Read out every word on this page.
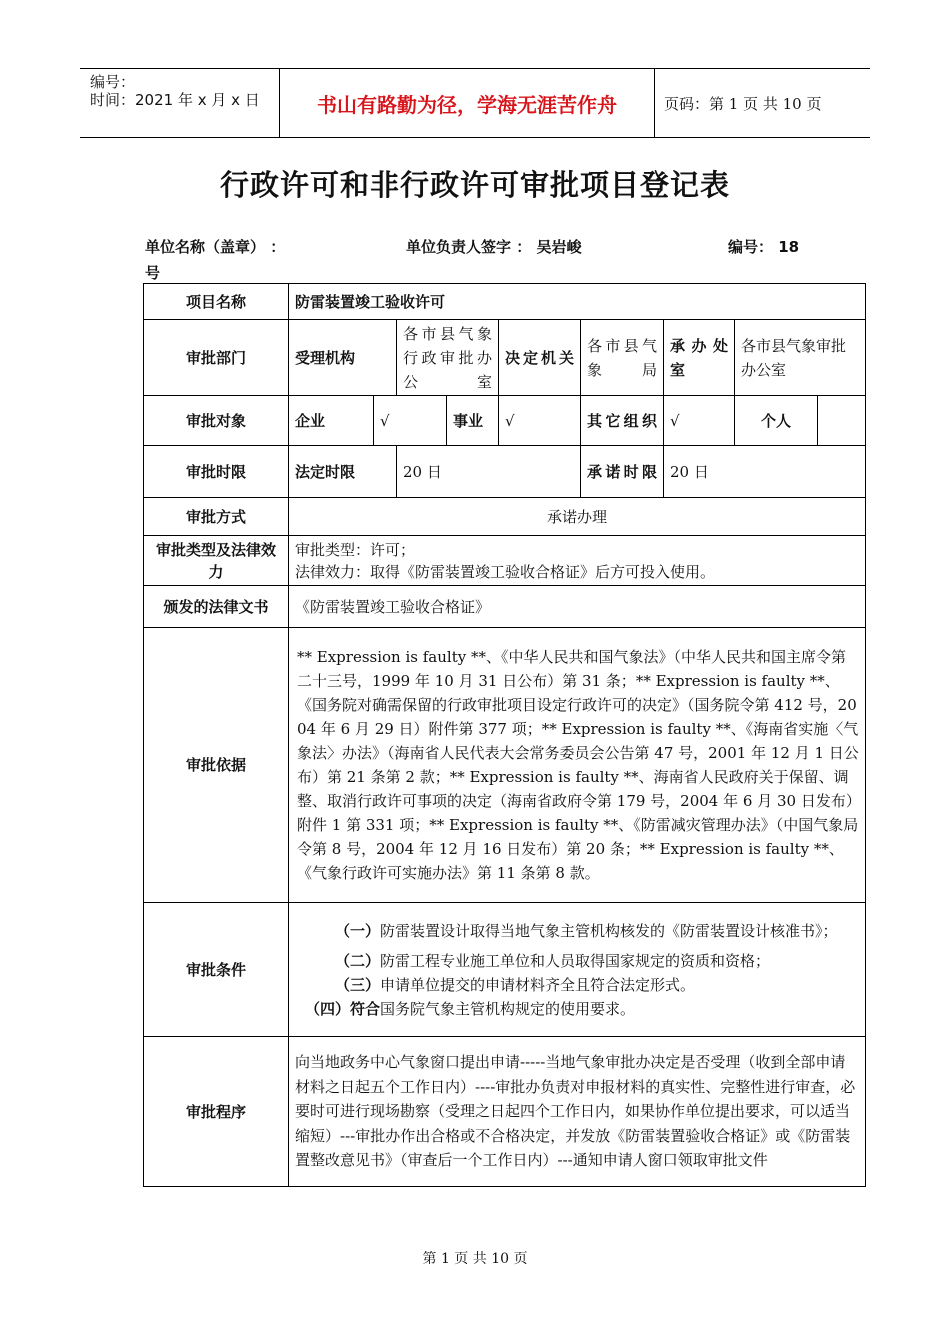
编号：
时间：2021 年 x 月 x 日	书山有路勤为径，学海无涯苦作舟	页码：第 1 页 共 10 页
行政许可和非行政许可审批项目登记表
单位名称（盖章） ：	单位负责人签字 ： 吴岩峻	编号： 18
号
项目名称	防雷装置竣工验收许可								
审批部门	受理机构		各市县气象行政审批办公室		决定机关	各市县气象局	承办处室	各市县气象审批办公室	
审批对象	企业	√		事业	√	其它组织	√	个人	
审批时限	法定时限		20 日			承诺时限	20 日		
审批方式	承诺办理								
审批类型及法律效力	审批类型：许可；
法律效力：取得《防雷装置竣工验收合格证》后方可投入使用。								

颁发的法律文书	《防雷装置竣工验收合格证》								
审批依据	** Expression is faulty **、《中华人民共和国气象法》（中华人民共和国主席令第二十三号，1999 年 10 月 31 日公布）第 31 条；** Expression is faulty **、《国务院对确需保留的行政审批项目设定行政许可的决定》（国务院令第 412 号，2004 年 6 月 29 日）附件第 377 项；** Expression is faulty **、《海南省实施〈气象法〉办法》（海南省人民代表大会常务委员会公告第 47 号，2001 年 12 月 1 日公布）第 21 条第 2 款；** Expression is faulty **、海南省人民政府关于保留、调整、取消行政许可事项的决定（海南省政府令第 179 号，2004 年 6 月 30 日发布）附件 1 第 331 项；** Expression is faulty **、《防雷减灾管理办法》（中国气象局令第 8 号，2004 年 12 月 16 日发布）第 20 条；** Expression is faulty **、《气象行政许可实施办法》第 11 条第 8 款。								
审批条件	（一）防雷装置设计取得当地气象主管机构核发的《防雷装置设计核准书》；

（二）防雷工程专业施工单位和人员取得国家规定的资质和资格；

（三）申请单位提交的申请材料齐全且符合法定形式。

（四）符合国务院气象主管机构规定的使用要求。								

审批程序	向当地政务中心气象窗口提出申请-----当地气象审批办决定是否受理（收到全部申请材料之日起五个工作日内）----审批办负责对申报材料的真实性、完整性进行审查，必要时可进行现场勘察（受理之日起四个工作日内，如果协作单位提出要求，可以适当缩短）---审批办作出合格或不合格决定，并发放《防雷装置验收合格证》或《防雷装置整改意见书》（审查后一个工作日内）---通知申请人窗口领取审批文件								
第 1 页 共 10 页
